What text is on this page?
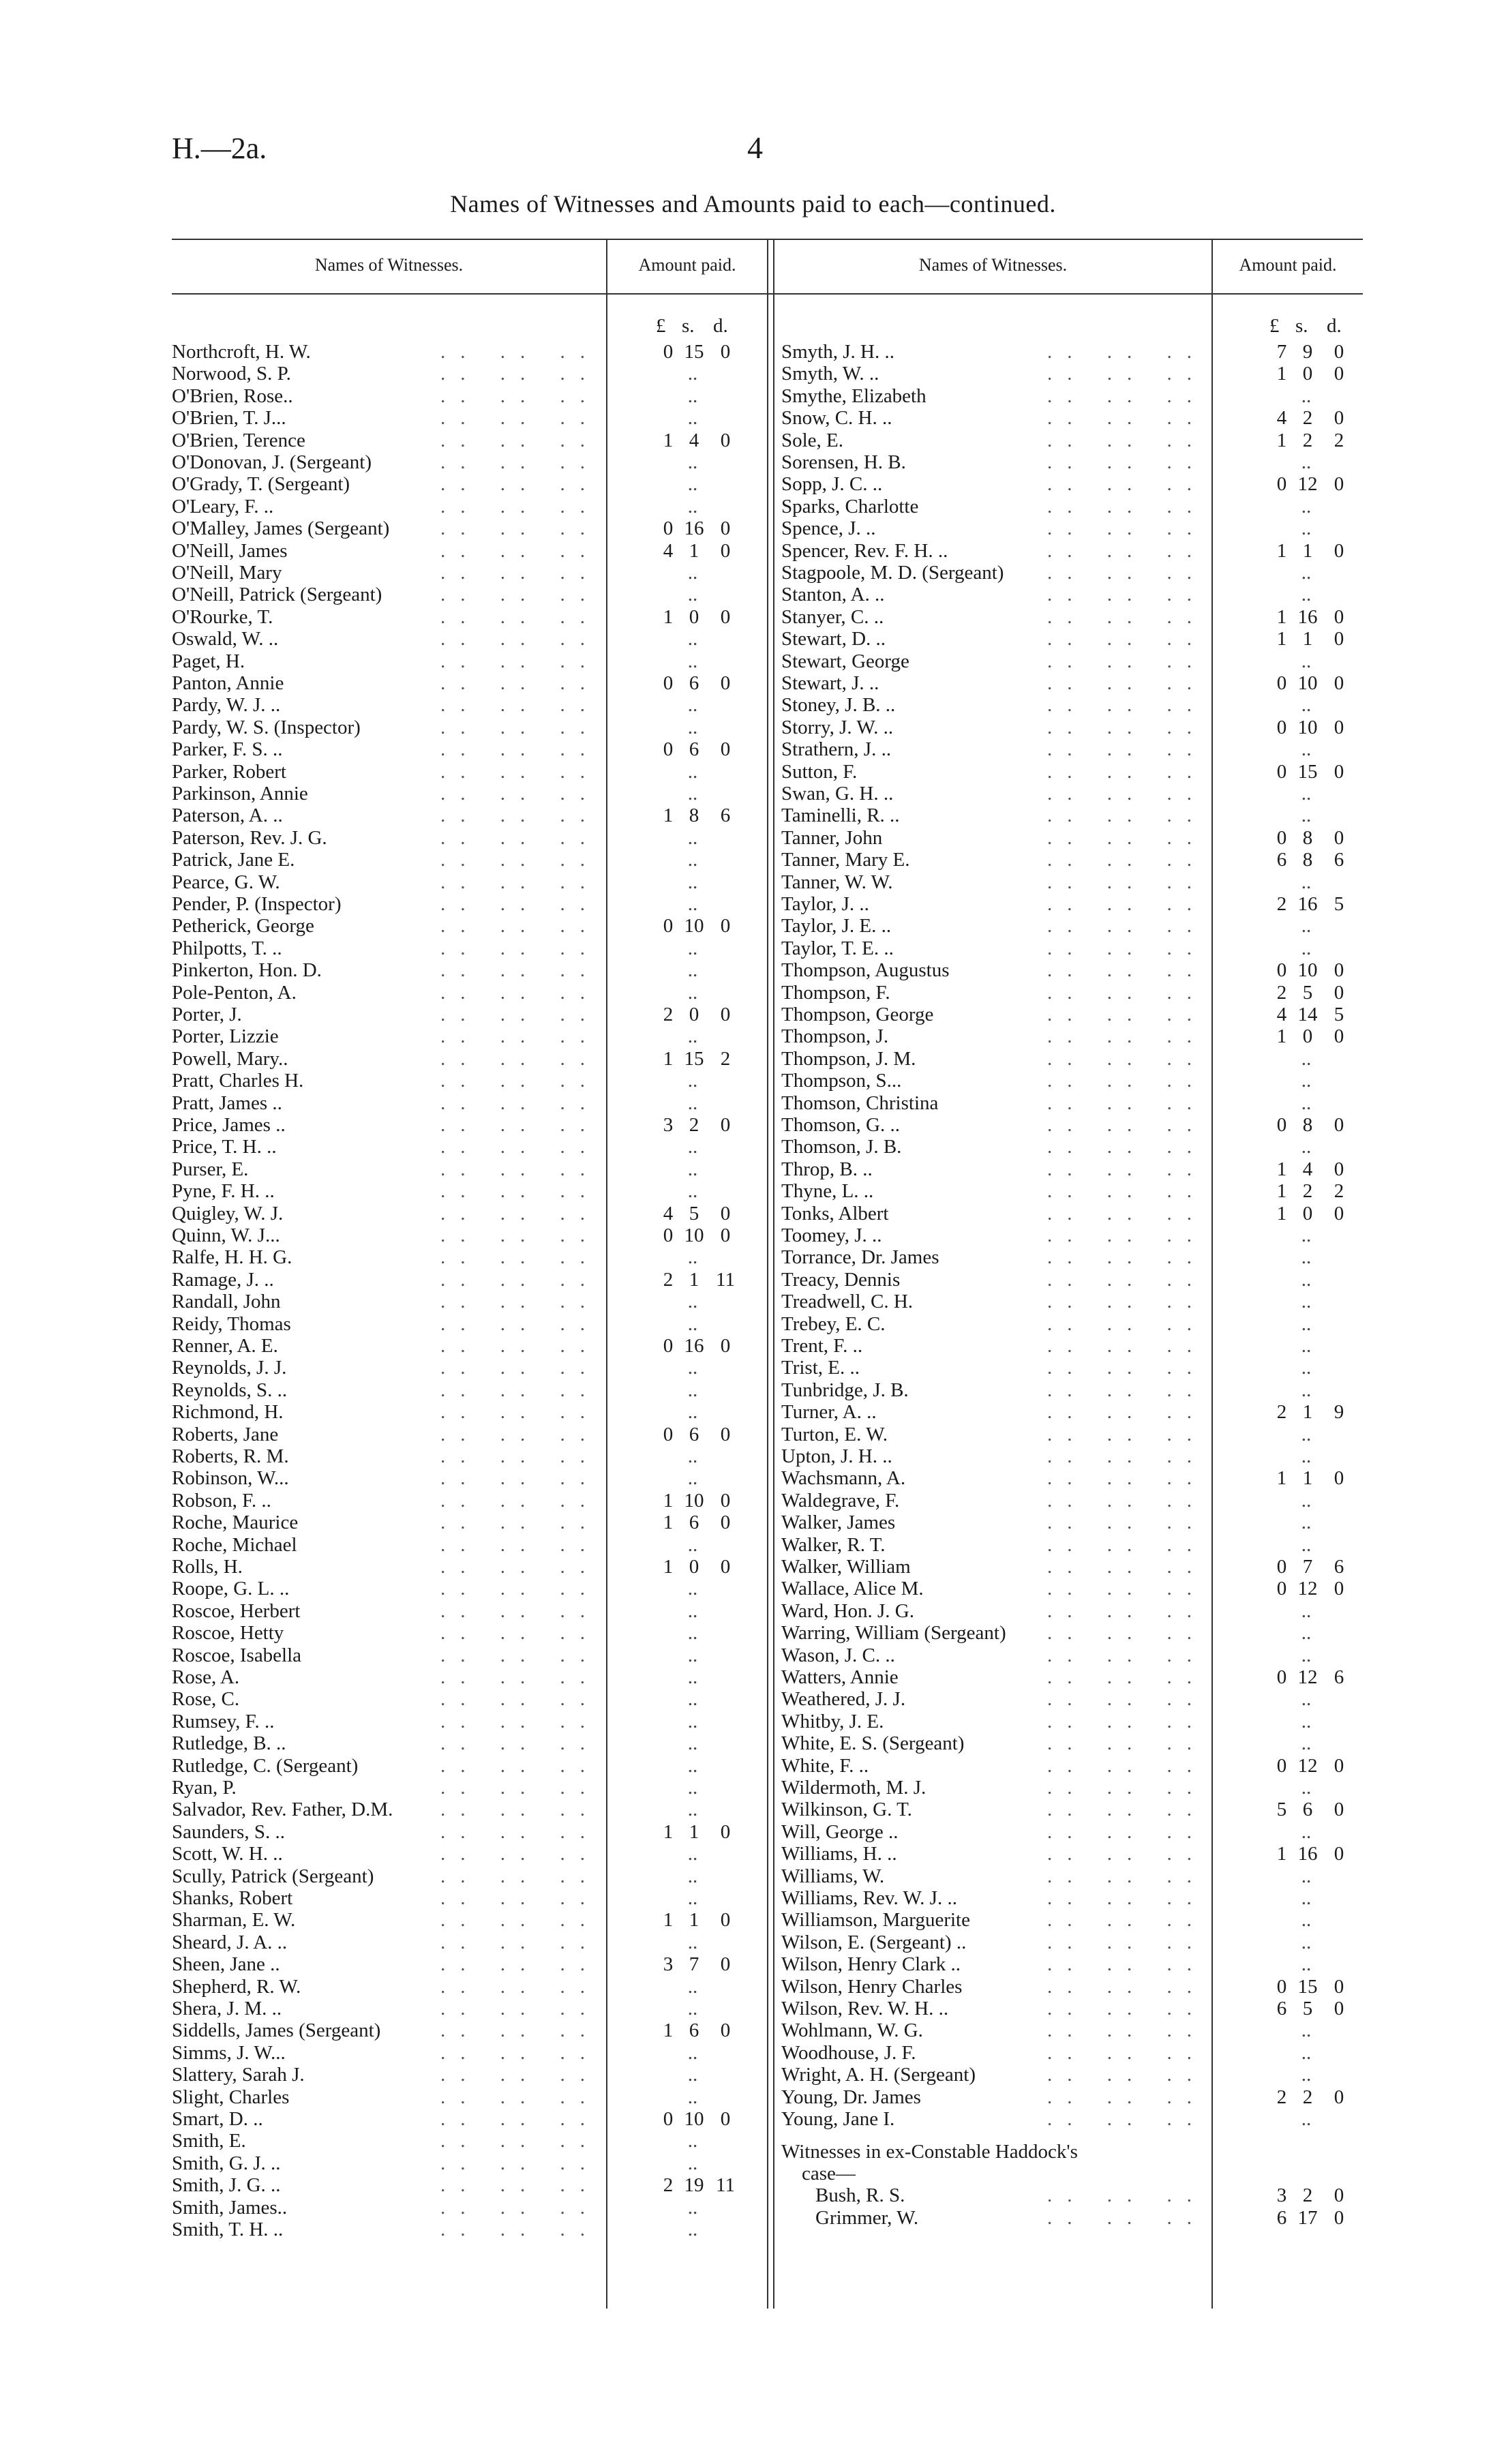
H.—2a.	4
Names of Witnesses and Amounts paid to each—continued.
Names of Witnesses.	Amount paid.	Names of Witnesses.	Amount paid.
£ s. d.	£ s. d.
Northcroft, H. W.	.. .. ..	0 15 0
Norwood, S. P.	.. .. ..	..
O'Brien, Rose..	.. .. ..	..
O'Brien, T. J...	.. .. ..	..
O'Brien, Terence	.. .. ..	1 4	0
O'Donovan, J. (Sergeant)	.. .. ..	..
O'Grady, T. (Sergeant)	.. .. ..	..
O'Leary, F. ..	.. .. ..	..
O'Malley, James (Sergeant)	.. .. ..	0 16 0
O'Neill, James	.. .. ..	4 1	0
O'Neill, Mary	.. .. ..	..
O'Neill, Patrick (Sergeant)	.. .. ..	..
O'Rourke, T.	.. .. ..	1 0	0
Oswald, W. ..	.. .. ..	..
Paget, H.	.. .. ..	..
Panton, Annie	.. .. ..	0 6	0
Pardy, W. J. ..	.. .. ..	..
Pardy, W. S. (Inspector)	.. .. ..	..
Parker, F. S. ..	.. .. ..	0 6	0
Parker, Robert	.. .. ..	..
Parkinson, Annie	.. .. ..	..
Paterson, A. ..	.. .. ..	1 8	6
Paterson, Rev. J. G.	.. .. ..	..
Patrick, Jane E.	.. .. ..	..
Pearce, G. W.	.. .. ..	..
Pender, P. (Inspector)	.. .. ..	..
Petherick, George	.. .. ..	0 10 0
Philpotts, T. ..	.. .. ..	..
Pinkerton, Hon. D.	.. .. ..	..
Pole-Penton, A.	.. .. ..	..
Porter, J.	.. .. ..	2 0	0
Porter, Lizzie	.. .. ..	..
Powell, Mary..	.. .. ..	1 15 2
Pratt, Charles H.	.. .. ..	..
Pratt, James ..	.. .. ..	..
Price, James ..	.. .. ..	3 2	0
Price, T. H. ..	.. .. ..	..
Purser, E.	.. .. ..	..
Pyne, F. H. ..	.. .. ..	..
Quigley, W. J.	.. .. ..	4 5	0
Quinn, W. J...	.. .. ..	0 10 0
Ralfe, H. H. G.	.. .. ..	..
Ramage, J. ..	.. .. ..	2 1 11
Randall, John	.. .. ..	..
Reidy, Thomas	.. .. ..	..
Renner, A. E.	.. .. ..	0 16 0
Reynolds, J. J.	.. .. ..	..
Reynolds, S. ..	.. .. ..	..
Richmond, H.	.. .. ..	..
Roberts, Jane	.. .. ..	0 6	0
Roberts, R. M.	.. .. ..	..
Robinson, W...	.. .. ..	..
Robson, F. ..	.. .. ..	1 10 0
Roche, Maurice	.. .. ..	1 6	0
Roche, Michael	.. .. ..	..
Rolls, H.	.. .. ..	1 0	0
Roope, G. L. ..	.. .. ..	..
Roscoe, Herbert	.. .. ..	..
Roscoe, Hetty	.. .. ..	..
Roscoe, Isabella	.. .. ..	..
Rose, A.	.. .. ..	..
Rose, C.	.. .. ..	..
Rumsey, F. ..	.. .. ..	..
Rutledge, B. ..	.. .. ..	..
Rutledge, C. (Sergeant)	.. .. ..	..
Ryan, P.	.. .. ..	..
Salvador, Rev. Father, D.M.	.. .. ..	..
Saunders, S. ..	.. .. ..	1 1	0
Scott, W. H. ..	.. .. ..	..
Scully, Patrick (Sergeant)	.. .. ..	..
Shanks, Robert	.. .. ..	..
Sharman, E. W.	.. .. ..	1 1	0
Sheard, J. A. ..	.. .. ..	..
Sheen, Jane ..	.. .. ..	3 7	0
Shepherd, R. W.	.. .. ..	..
Shera, J. M. ..	.. .. ..	..
Siddells, James (Sergeant)	.. .. ..	1 6	0
Simms, J. W...	.. .. ..	..
Slattery, Sarah J.	.. .. ..	..
Slight, Charles	.. .. ..	..
Smart, D. ..	.. .. ..	0 10 0
Smith, E.	.. .. ..	..
Smith, G. J. ..	.. .. ..	..
Smith, J. G. ..	.. .. ..	2 19 11
Smith, James..	.. .. ..	..
Smith, T. H. ..	.. .. ..	..
Smyth, J. H. ..	.. .. ..	7 9	0
Smyth, W. ..	.. .. ..	1 0	0
Smythe, Elizabeth	.. .. ..	..
Snow, C. H. ..	.. .. ..	4 2	0
Sole, E.	.. .. ..	1 2	2
Sorensen, H. B.	.. .. ..	..
Sopp, J. C. ..	.. .. ..	0 12 0
Sparks, Charlotte	.. .. ..	..
Spence, J. ..	.. .. ..	..
Spencer, Rev. F. H. ..	.. .. ..	1 1	0
Stagpoole, M. D. (Sergeant)	.. .. ..	..
Stanton, A. ..	.. .. ..	..
Stanyer, C. ..	.. .. ..	1 16 0
Stewart, D. ..	.. .. ..	1 1	0
Stewart, George	.. .. ..	..
Stewart, J. ..	.. .. ..	0 10 0
Stoney, J. B. ..	.. .. ..	..
Storry, J. W. ..	.. .. ..	0 10 0
Strathern, J. ..	.. .. ..	..
Sutton, F.	.. .. ..	0 15 0
Swan, G. H. ..	.. .. ..	..
Taminelli, R. ..	.. .. ..	..
Tanner, John	.. .. ..	0 8	0
Tanner, Mary E.	.. .. ..	6 8	6
Tanner, W. W.	.. .. ..	..
Taylor, J. ..	.. .. ..	2 16 5
Taylor, J. E. ..	.. .. ..	..
Taylor, T. E. ..	.. .. ..	..
Thompson, Augustus	.. .. ..	0 10 0
Thompson, F.	.. .. ..	2 5	0
Thompson, George	.. .. ..	4 14 5
Thompson, J.	.. .. ..	1 0	0
Thompson, J. M.	.. .. ..	..
Thompson, S...	.. .. ..	..
Thomson, Christina	.. .. ..	..
Thomson, G. ..	.. .. ..	0 8	0
Thomson, J. B.	.. .. ..	..
Throp, B. ..	.. .. ..	1 4	0
Thyne, L. ..	.. .. ..	1 2	2
Tonks, Albert	.. .. ..	1 0	0
Toomey, J. ..	.. .. ..	..
Torrance, Dr. James	.. .. ..	..
Treacy, Dennis	.. .. ..	..
Treadwell, C. H.	.. .. ..	..
Trebey, E. C.	.. .. ..	..
Trent, F. ..	.. .. ..	..
Trist, E. ..	.. .. ..	..
Tunbridge, J. B.	.. .. ..	..
Turner, A. ..	.. .. ..	2 1	9
Turton, E. W.	.. .. ..	..
Upton, J. H. ..	.. .. ..	..
Wachsmann, A.	.. .. ..	1 1	0
Waldegrave, F.	.. .. ..	..
Walker, James	.. .. ..	..
Walker, R. T.	.. .. ..	..
Walker, William	.. .. ..	0 7	6
Wallace, Alice M.	.. .. ..	0 12 0
Ward, Hon. J. G.	.. .. ..	..
Warring, William (Sergeant)	.. .. ..	..
Wason, J. C. ..	.. .. ..	..
Watters, Annie	.. .. ..	0 12 6
Weathered, J. J.	.. .. ..	..
Whitby, J. E.	.. .. ..	..
White, E. S. (Sergeant)	.. .. ..	..
White, F. ..	.. .. ..	0 12 0
Wildermoth, M. J.	.. .. ..	..
Wilkinson, G. T.	.. .. ..	5 6	0
Will, George ..	.. .. ..	..
Williams, H. ..	.. .. ..	1 16 0
Williams, W.	.. .. ..	..
Williams, Rev. W. J. ..	.. .. ..	..
Williamson, Marguerite	.. .. ..	..
Wilson, E. (Sergeant) ..	.. .. ..	..
Wilson, Henry Clark ..	.. .. ..	..
Wilson, Henry Charles	.. .. ..	0 15 0
Wilson, Rev. W. H. ..	.. .. ..	6 5	0
Wohlmann, W. G.	.. .. ..	..
Woodhouse, J. F.	.. .. ..	..
Wright, A. H. (Sergeant)	.. .. ..	..
Young, Dr. James	.. .. ..	2 2	0
Young, Jane I.	.. .. ..	..
Witnesses in ex-Constable Haddock's
case—
Bush, R. S.	.. .. ..	3 2	0
Grimmer, W.	.. .. ..	6 17 0
